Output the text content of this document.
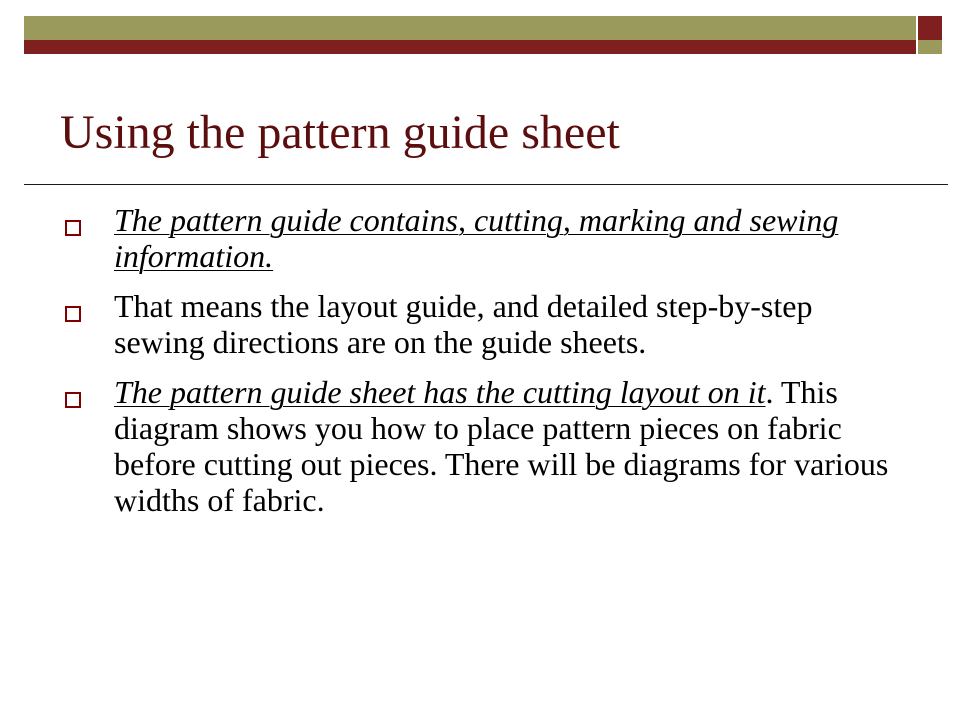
Using the pattern guide sheet
The pattern guide contains, cutting, marking and sewing information.
That means the layout guide, and detailed step-by-step sewing directions are on the guide sheets.
The pattern guide sheet has the cutting layout on it. This diagram shows you how to place pattern pieces on fabric before cutting out pieces. There will be diagrams for various widths of fabric.
